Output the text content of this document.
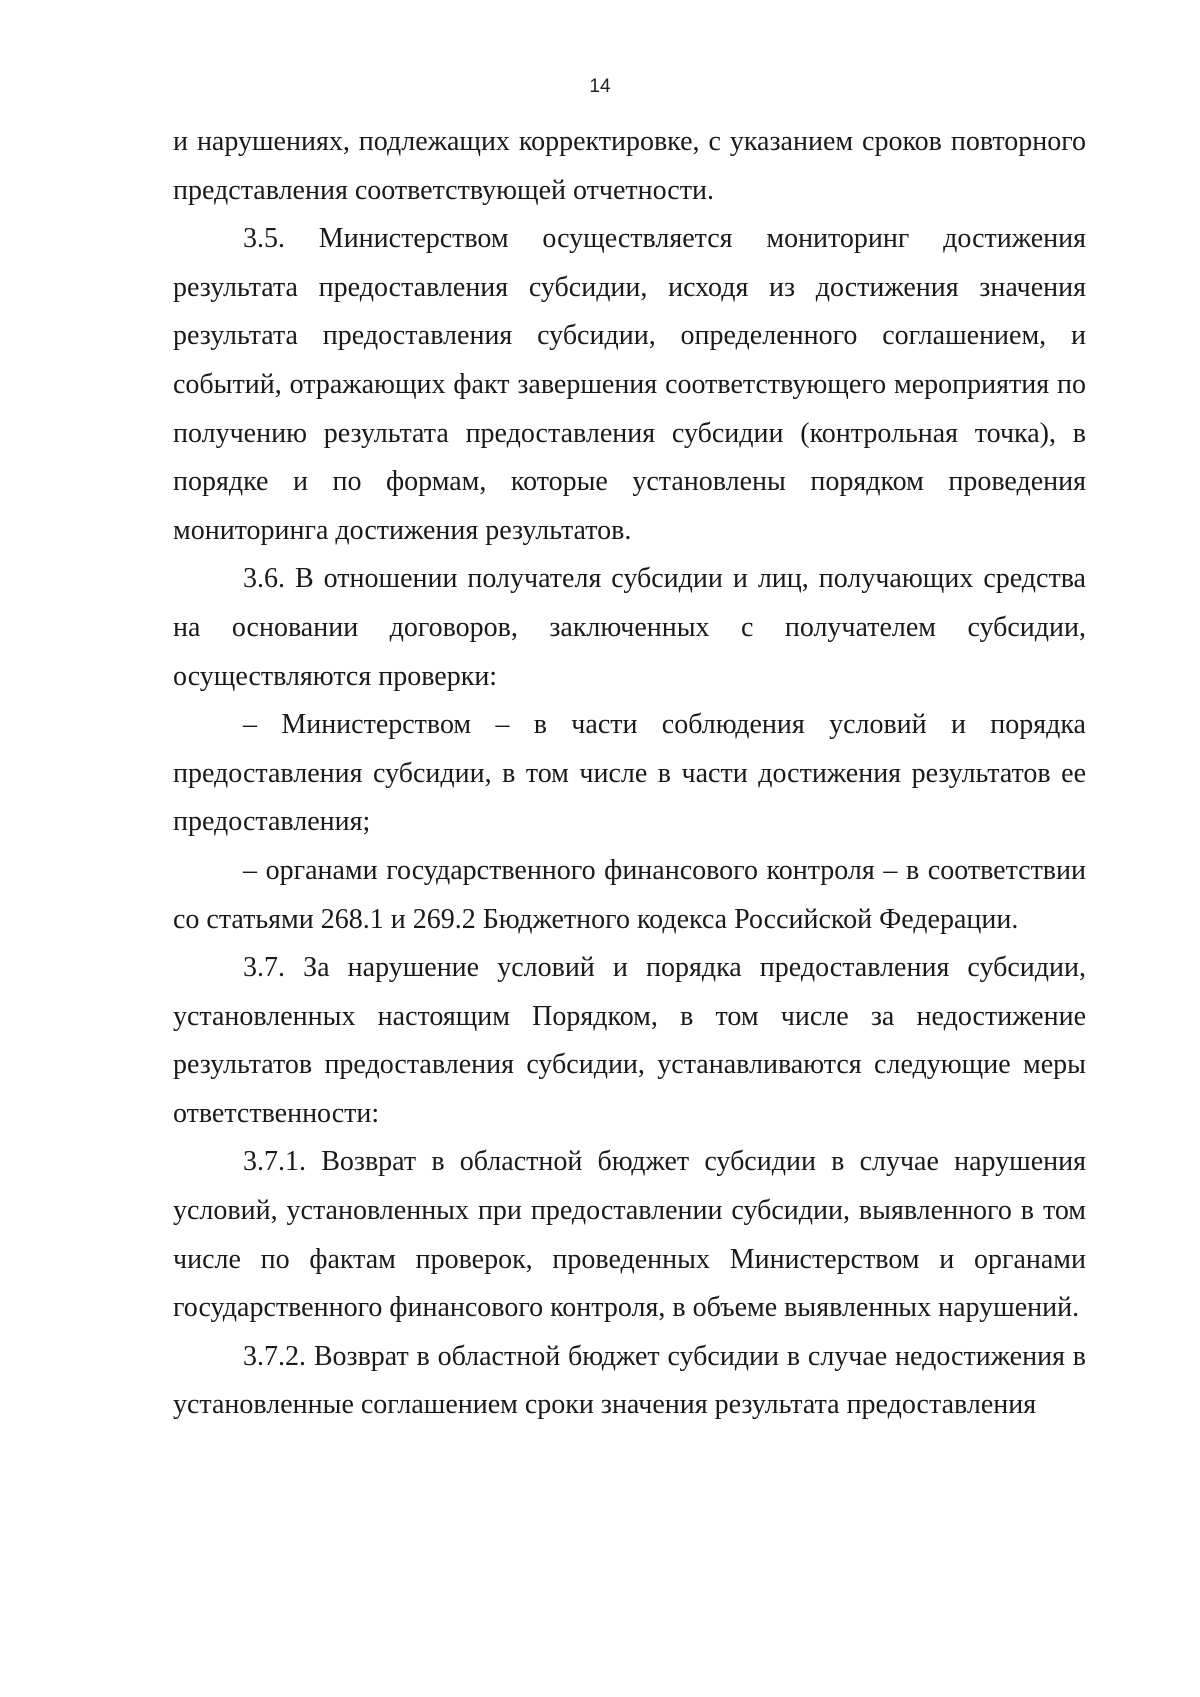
14

и нарушениях, подлежащих корректировке, с указанием сроков повторного представления соответствующей отчетности.

3.5. Министерством осуществляется мониторинг достижения результата предоставления субсидии, исходя из достижения значения результата предоставления субсидии, определенного соглашением, и событий, отражающих факт завершения соответствующего мероприятия по получению результата предоставления субсидии (контрольная точка), в порядке и по формам, которые установлены порядком проведения мониторинга достижения результатов.

3.6. В отношении получателя субсидии и лиц, получающих средства на основании договоров, заключенных с получателем субсидии, осуществляются проверки:

– Министерством – в части соблюдения условий и порядка предоставления субсидии, в том числе в части достижения результатов ее предоставления;

– органами государственного финансового контроля – в соответствии со статьями 268.1 и 269.2 Бюджетного кодекса Российской Федерации.

3.7. За нарушение условий и порядка предоставления субсидии, установленных настоящим Порядком, в том числе за недостижение результатов предоставления субсидии, устанавливаются следующие меры ответственности:

3.7.1. Возврат в областной бюджет субсидии в случае нарушения условий, установленных при предоставлении субсидии, выявленного в том числе по фактам проверок, проведенных Министерством и органами государственного финансового контроля, в объеме выявленных нарушений.

3.7.2. Возврат в областной бюджет субсидии в случае недостижения в установленные соглашением сроки значения результата предоставления
